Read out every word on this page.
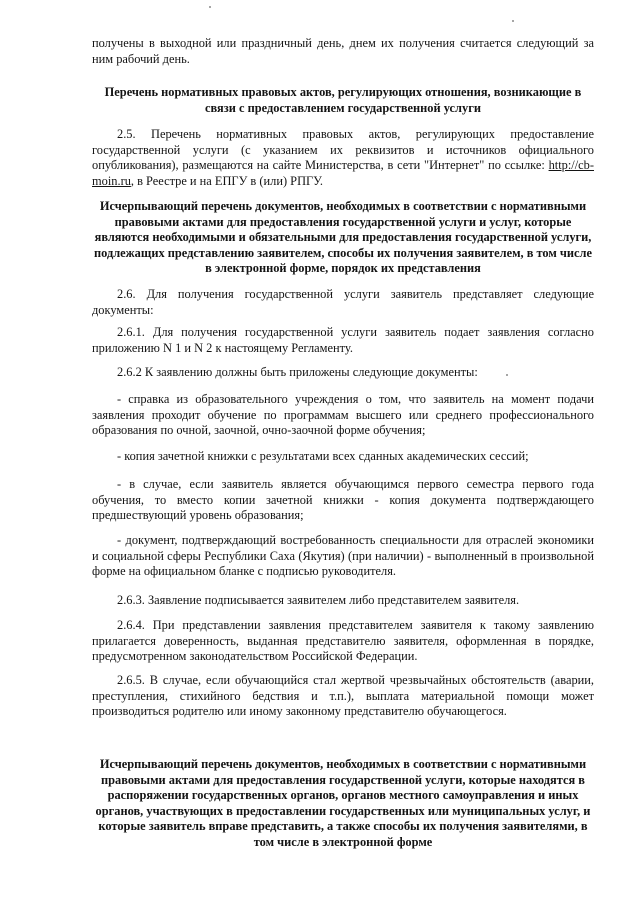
получены в выходной или праздничный день, днем их получения считается следующий за ним рабочий день.

Перечень нормативных правовых актов, регулирующих отношения, возникающие в связи с предоставлением государственной услуги

2.5. Перечень нормативных правовых актов, регулирующих предоставление государственной услуги (с указанием их реквизитов и источников официального опубликования), размещаются на сайте Министерства, в сети "Интернет" по ссылке: http://cb-moin.ru, в Реестре и на ЕПГУ в (или) РПГУ.

Исчерпывающий перечень документов, необходимых в соответствии с нормативными правовыми актами для предоставления государственной услуги и услуг, которые являются необходимыми и обязательными для предоставления государственной услуги, подлежащих представлению заявителем, способы их получения заявителем, в том числе в электронной форме, порядок их представления

2.6. Для получения государственной услуги заявитель представляет следующие документы:

2.6.1. Для получения государственной услуги заявитель подает заявления согласно приложению N 1 и N 2 к настоящему Регламенту.

2.6.2 К заявлению должны быть приложены следующие документы:

- справка из образовательного учреждения о том, что заявитель на момент подачи заявления проходит обучение по программам высшего или среднего профессионального образования по очной, заочной, очно-заочной форме обучения;

- копия зачетной книжки с результатами всех сданных академических сессий;

- в случае, если заявитель является обучающимся первого семестра первого года обучения, то вместо копии зачетной книжки - копия документа подтверждающего предшествующий уровень образования;

- документ, подтверждающий востребованность специальности для отраслей экономики и социальной сферы Республики Саха (Якутия) (при наличии) - выполненный в произвольной форме на официальном бланке с подписью руководителя.

2.6.3. Заявление подписывается заявителем либо представителем заявителя.

2.6.4. При представлении заявления представителем заявителя к такому заявлению прилагается доверенность, выданная представителю заявителя, оформленная в порядке, предусмотренном законодательством Российской Федерации.

2.6.5. В случае, если обучающийся стал жертвой чрезвычайных обстоятельств (аварии, преступления, стихийного бедствия и т.п.), выплата материальной помощи может производиться родителю или иному законному представителю обучающегося.

Исчерпывающий перечень документов, необходимых в соответствии с нормативными правовыми актами для предоставления государственной услуги, которые находятся в распоряжении государственных органов, органов местного самоуправления и иных органов, участвующих в предоставлении государственных или муниципальных услуг, и которые заявитель вправе представить, а также способы их получения заявителями, в том числе в электронной форме
